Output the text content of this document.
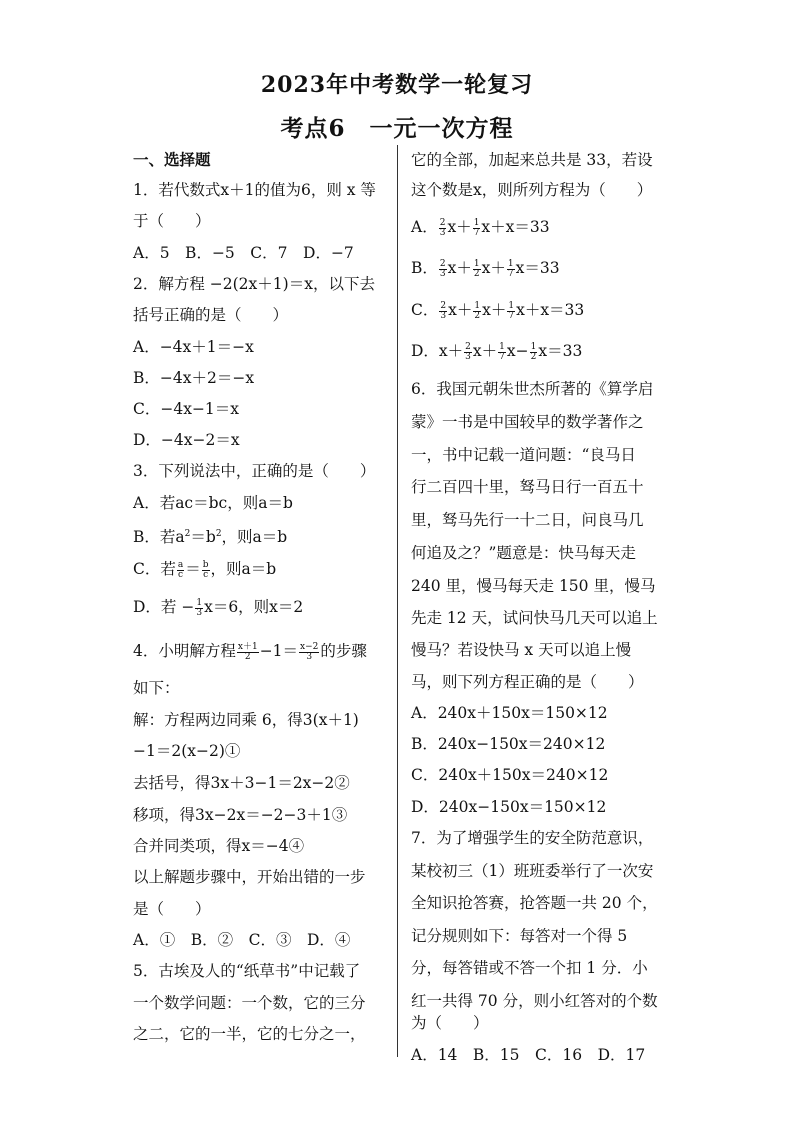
2023年中考数学一轮复习
考点6　一元一次方程
一、选择题
1．若代数式x＋1的值为6，则 x 等
于（　　）
A．5　B．−5　C．7　D．−7
2．解方程 −2(2x＋1)＝x，以下去
括号正确的是（　　）
A．−4x＋1＝−x
B．−4x＋2＝−x
C．−4x−1＝x
D．−4x−2＝x
3．下列说法中，正确的是（　　）
A．若ac＝bc，则a＝b
B．若$a^2=b^2$，则a＝b
C．若 $\frac{a}{c} = \frac{b}{c}$ ，则a＝b
D．若 − $\frac{1}{3} x=6$，则x＝2
4．小明解方程 $\frac{x+1}{2} -1= \frac{x-2}{3}$ 的步骤
如下：
解：方程两边同乘 6，得3(x＋1)
−1＝2(x−2)①
去括号，得3x＋3−1＝2x−2②
移项，得3x−2x＝−2−3＋1③
合并同类项，得x＝−4④
以上解题步骤中，开始出错的一步
是（　　）
A．①　B．②　C．③　D．④
5．古埃及人的“纸草书”中记载了
一个数学问题：一个数，它的三分
之二，它的一半，它的七分之一，
它的全部，加起来总共是 33，若设
这个数是x，则所列方程为（　　）
A． $\frac{2}{3} x+ \frac{1}{7} x+x=33$
B． $\frac{2}{3} x+ \frac{1}{2} x+ \frac{1}{7} x=33$
C． $\frac{2}{3} x+ \frac{1}{2} x+ \frac{1}{7} x+x=33$
D．$x+ \frac{2}{3} x+ \frac{1}{7} x- \frac{1}{2} x=33$
6．我国元朝朱世杰所著的《算学启
蒙》一书是中国较早的数学著作之
一，书中记载一道问题：“良马日
行二百四十里，驽马日行一百五十
里，驽马先行一十二日，问良马几
何追及之？”题意是：快马每天走
240 里，慢马每天走 150 里，慢马
先走 12 天，试问快马几天可以追上
慢马？若设快马 x 天可以追上慢
马，则下列方程正确的是（　　）
A．240x＋150x＝150×12
B．240x−150x＝240×12
C．240x＋150x＝240×12
D．240x−150x＝150×12
7．为了增强学生的安全防范意识，
某校初三（1）班班委举行了一次安
全知识抢答赛，抢答题一共 20 个，
记分规则如下：每答对一个得 5
分，每答错或不答一个扣 1 分．小
红一共得 70 分，则小红答对的个数
为（　　）
A．14　B．15　C．16　D．17
